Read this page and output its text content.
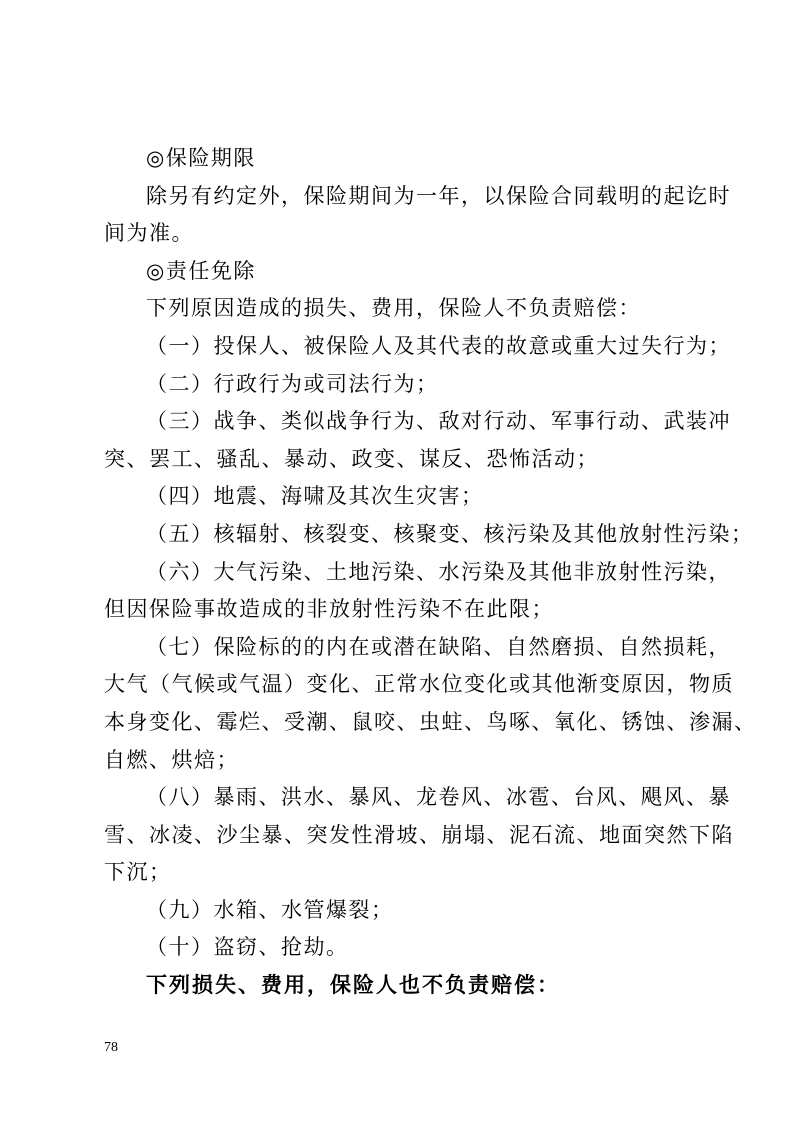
◎保险期限
除另有约定外，保险期间为一年，以保险合同载明的起讫时
间为准。
◎责任免除
下列原因造成的损失、费用，保险人不负责赔偿：
（一）投保人、被保险人及其代表的故意或重大过失行为；
（二）行政行为或司法行为；
（三）战争、类似战争行为、敌对行动、军事行动、武装冲
突、罢工、骚乱、暴动、政变、谋反、恐怖活动；
（四）地震、海啸及其次生灾害；
（五）核辐射、核裂变、核聚变、核污染及其他放射性污染；
（六）大气污染、土地污染、水污染及其他非放射性污染，
但因保险事故造成的非放射性污染不在此限；
（七）保险标的的内在或潜在缺陷、自然磨损、自然损耗，
大气（气候或气温）变化、正常水位变化或其他渐变原因，物质
本身变化、霉烂、受潮、鼠咬、虫蛀、鸟啄、氧化、锈蚀、渗漏、
自燃、烘焙；
（八）暴雨、洪水、暴风、龙卷风、冰雹、台风、飓风、暴
雪、冰凌、沙尘暴、突发性滑坡、崩塌、泥石流、地面突然下陷
下沉；
（九）水箱、水管爆裂；
（十）盗窃、抢劫。
下列损失、费用，保险人也不负责赔偿：
78
